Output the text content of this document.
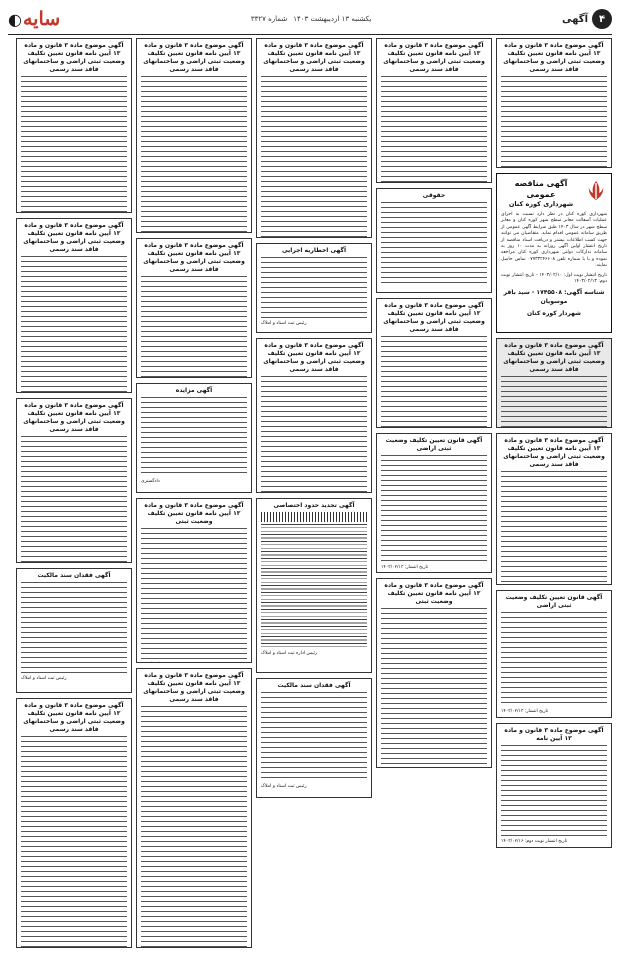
◐ سایه	یکشنبه ۱۳ اردیبهشت ۱۴۰۳
شماره ۳۳۲۷	۴
آگهی
آگهی موضوع ماده ۳ قانون و ماده ۱۳ آیین نامه قانون تعیین تکلیف وضعیت ثبتی اراضی و ساختمانهای فاقد سند رسمی
آگهی مناقصه عمومی
شهرداری کوره کنان
شهرداری کوره کنان در نظر دارد نسبت به اجرای عملیات آسفالت معابر سطح شهر کوره کنان و معابر سطح شهر در سال ۱۴۰۳ طبق شرایط آگهی عمومی از طریق سامانه عمومی اقدام نماید. متقاضیان می توانند جهت کسب اطلاعات بیشتر و دریافت اسناد مناقصه از تاریخ انتشار اولین آگهی روزانه به مدت ۱۰ روز به سامانه تدارکات دولتی شهرداری کوره کنان مراجعه نموده و یا با شماره تلفن ۰۷۷۳۳۲۴۶۶۰۸ تماس حاصل نمایند.
تاریخ انتشار نوبت اول: ۱۴۰۳/۰۲/۱۰ - تاریخ انتشار نوبت دوم: ۱۴۰۳/۰۲/۱۳
شناسه آگهی: ۱۷۴۵۵۰۸ - سید باقر موسویان
شهردار کوره کنان
آگهی موضوع ماده ۳ قانون و ماده ۱۳ آیین نامه قانون تعیین تکلیف وضعیت ثبتی اراضی و ساختمانهای فاقد سند رسمی
آگهی موضوع ماده ۳ قانون و ماده ۱۳ آیین نامه قانون تعیین تکلیف وضعیت ثبتی اراضی و ساختمانهای فاقد سند رسمی
آگهی قانون تعیین تکلیف وضعیت ثبتی اراضی
تاریخ انتشار: ۱۴۰۳/۰۲/۱۳
آگهی موضوع ماده ۳ قانون و ماده ۱۳ آیین نامه
تاریخ انتشار نوبت دوم: ۱۴۰۳/۰۲/۱۶
آگهی موضوع ماده ۳ قانون و ماده ۱۳ آیین نامه قانون تعیین تکلیف وضعیت ثبتی اراضی و ساختمانهای فاقد سند رسمی
حقوقی
آگهی موضوع ماده ۳ قانون و ماده ۱۳ آیین نامه قانون تعیین تکلیف وضعیت ثبتی اراضی و ساختمانهای فاقد سند رسمی
آگهی قانون تعیین تکلیف وضعیت ثبتی اراضی
تاریخ انتشار: ۱۴۰۳/۰۲/۱۳
آگهی موضوع ماده ۳ قانون و ماده ۱۳ آیین نامه قانون تعیین تکلیف وضعیت ثبتی
آگهی موضوع ماده ۳ قانون و ماده ۱۳ آیین نامه قانون تعیین تکلیف وضعیت ثبتی اراضی و ساختمانهای فاقد سند رسمی
آگهی اخطاریه اجرایی
رئیس ثبت اسناد و املاک
آگهی موضوع ماده ۳ قانون و ماده ۱۳ آیین نامه قانون تعیین تکلیف وضعیت ثبتی اراضی و ساختمانهای فاقد سند رسمی
آگهی تحدید حدود اختصاصی
رئیس اداره ثبت اسناد و املاک
آگهی فقدان سند مالکیت
رئیس ثبت اسناد و املاک
آگهی موضوع ماده ۳ قانون و ماده ۱۳ آیین نامه قانون تعیین تکلیف وضعیت ثبتی اراضی و ساختمانهای فاقد سند رسمی
آگهی موضوع ماده ۳ قانون و ماده ۱۳ آیین نامه قانون تعیین تکلیف وضعیت ثبتی اراضی و ساختمانهای فاقد سند رسمی
آگهی مزایده
دادگستری
آگهی موضوع ماده ۳ قانون و ماده ۱۳ آیین نامه قانون تعیین تکلیف وضعیت ثبتی
آگهی موضوع ماده ۳ قانون و ماده ۱۳ آیین نامه قانون تعیین تکلیف وضعیت ثبتی اراضی و ساختمانهای فاقد سند رسمی
آگهی موضوع ماده ۳ قانون و ماده ۱۳ آیین نامه قانون تعیین تکلیف وضعیت ثبتی اراضی و ساختمانهای فاقد سند رسمی
آگهی موضوع ماده ۳ قانون و ماده ۱۳ آیین نامه قانون تعیین تکلیف وضعیت ثبتی اراضی و ساختمانهای فاقد سند رسمی
آگهی موضوع ماده ۳ قانون و ماده ۱۳ آیین نامه قانون تعیین تکلیف وضعیت ثبتی اراضی و ساختمانهای فاقد سند رسمی
آگهی فقدان سند مالکیت
رئیس ثبت اسناد و املاک
آگهی موضوع ماده ۳ قانون و ماده ۱۳ آیین نامه قانون تعیین تکلیف وضعیت ثبتی اراضی و ساختمانهای فاقد سند رسمی
